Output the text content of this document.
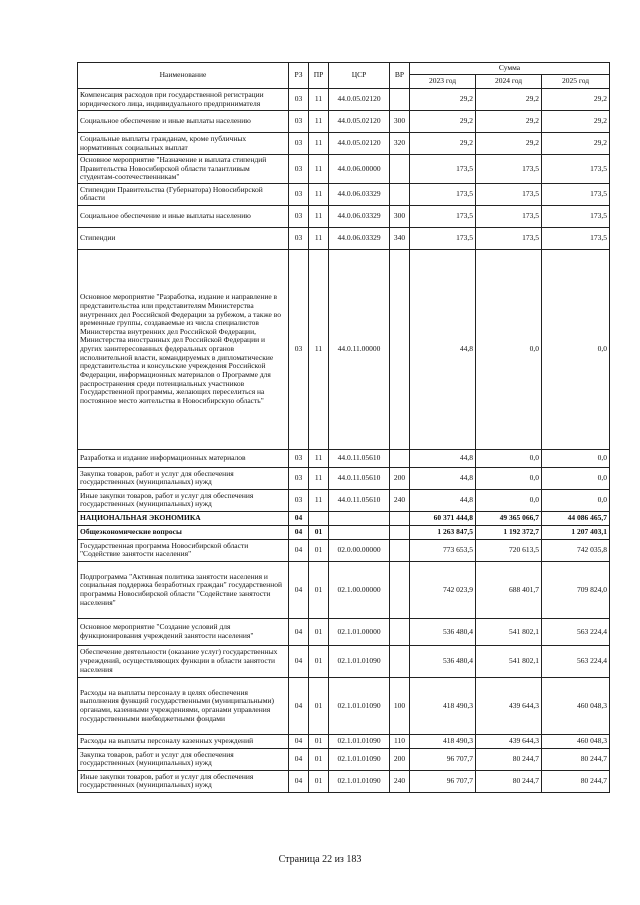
Наименование	РЗ	ПР	ЦСР	ВР	Сумма		
					2023 год	2024 год	2025 год
Компенсация расходов при государственной регистрации юридического лица, индивидуального предпринимателя	03	11	44.0.05.02120		29,2	29,2	29,2
Социальное обеспечение и иные выплаты населению	03	11	44.0.05.02120	300	29,2	29,2	29,2
Социальные выплаты гражданам, кроме публичных нормативных социальных выплат	03	11	44.0.05.02120	320	29,2	29,2	29,2
Основное мероприятие "Назначение и выплата стипендий Правительства Новосибирской области талантливым студентам-соотечественникам"	03	11	44.0.06.00000		173,5	173,5	173,5
Стипендии Правительства (Губернатора) Новосибирской области	03	11	44.0.06.03329		173,5	173,5	173,5
Социальное обеспечение и иные выплаты населению	03	11	44.0.06.03329	300	173,5	173,5	173,5
Стипендии	03	11	44.0.06.03329	340	173,5	173,5	173,5
Основное мероприятие "Разработка, издание и направление в представительства или представителям Министерства внутренних дел Российской Федерации за рубежом, а также во временные группы, создаваемые из числа специалистов Министерства внутренних дел Российской Федерации, Министерства иностранных дел Российской Федерации и других заинтересованных федеральных органов исполнительной власти, командируемых в дипломатические представительства и консульские учреждения Российской Федерации, информационных материалов о Программе для распространения среди потенциальных участников Государственной программы, желающих переселиться на постоянное место жительства в Новосибирскую область"	03	11	44.0.11.00000		44,8	0,0	0,0
Разработка и издание информационных материалов	03	11	44.0.11.05610		44,8	0,0	0,0
Закупка товаров, работ и услуг для обеспечения государственных (муниципальных) нужд	03	11	44.0.11.05610	200	44,8	0,0	0,0
Иные закупки товаров, работ и услуг для обеспечения государственных (муниципальных) нужд	03	11	44.0.11.05610	240	44,8	0,0	0,0
НАЦИОНАЛЬНАЯ ЭКОНОМИКА	04				60 371 444,8	49 365 066,7	44 086 465,7
Общеэкономические вопросы	04	01			1 263 847,5	1 192 372,7	1 207 403,1
Государственная программа Новосибирской области "Содействие занятости населения"	04	01	02.0.00.00000		773 653,5	720 613,5	742 035,8
Подпрограмма "Активная политика занятости населения и социальная поддержка безработных граждан" государственной программы Новосибирской области "Содействие занятости населения"	04	01	02.1.00.00000		742 023,9	688 401,7	709 824,0
Основное мероприятие "Создание условий для функционирования учреждений занятости населения"	04	01	02.1.01.00000		536 480,4	541 802,1	563 224,4
Обеспечение деятельности (оказание услуг) государственных учреждений, осуществляющих функции в области занятости населения	04	01	02.1.01.01090		536 480,4	541 802,1	563 224,4
Расходы на выплаты персоналу в целях обеспечения выполнения функций государственными (муниципальными) органами, казенными учреждениями, органами управления государственными внебюджетными фондами	04	01	02.1.01.01090	100	418 490,3	439 644,3	460 048,3
Расходы на выплаты персоналу казенных учреждений	04	01	02.1.01.01090	110	418 490,3	439 644,3	460 048,3
Закупка товаров, работ и услуг для обеспечения государственных (муниципальных) нужд	04	01	02.1.01.01090	200	96 707,7	80 244,7	80 244,7
Иные закупки товаров, работ и услуг для обеспечения государственных (муниципальных) нужд	04	01	02.1.01.01090	240	96 707,7	80 244,7	80 244,7
Страница 22 из 183
